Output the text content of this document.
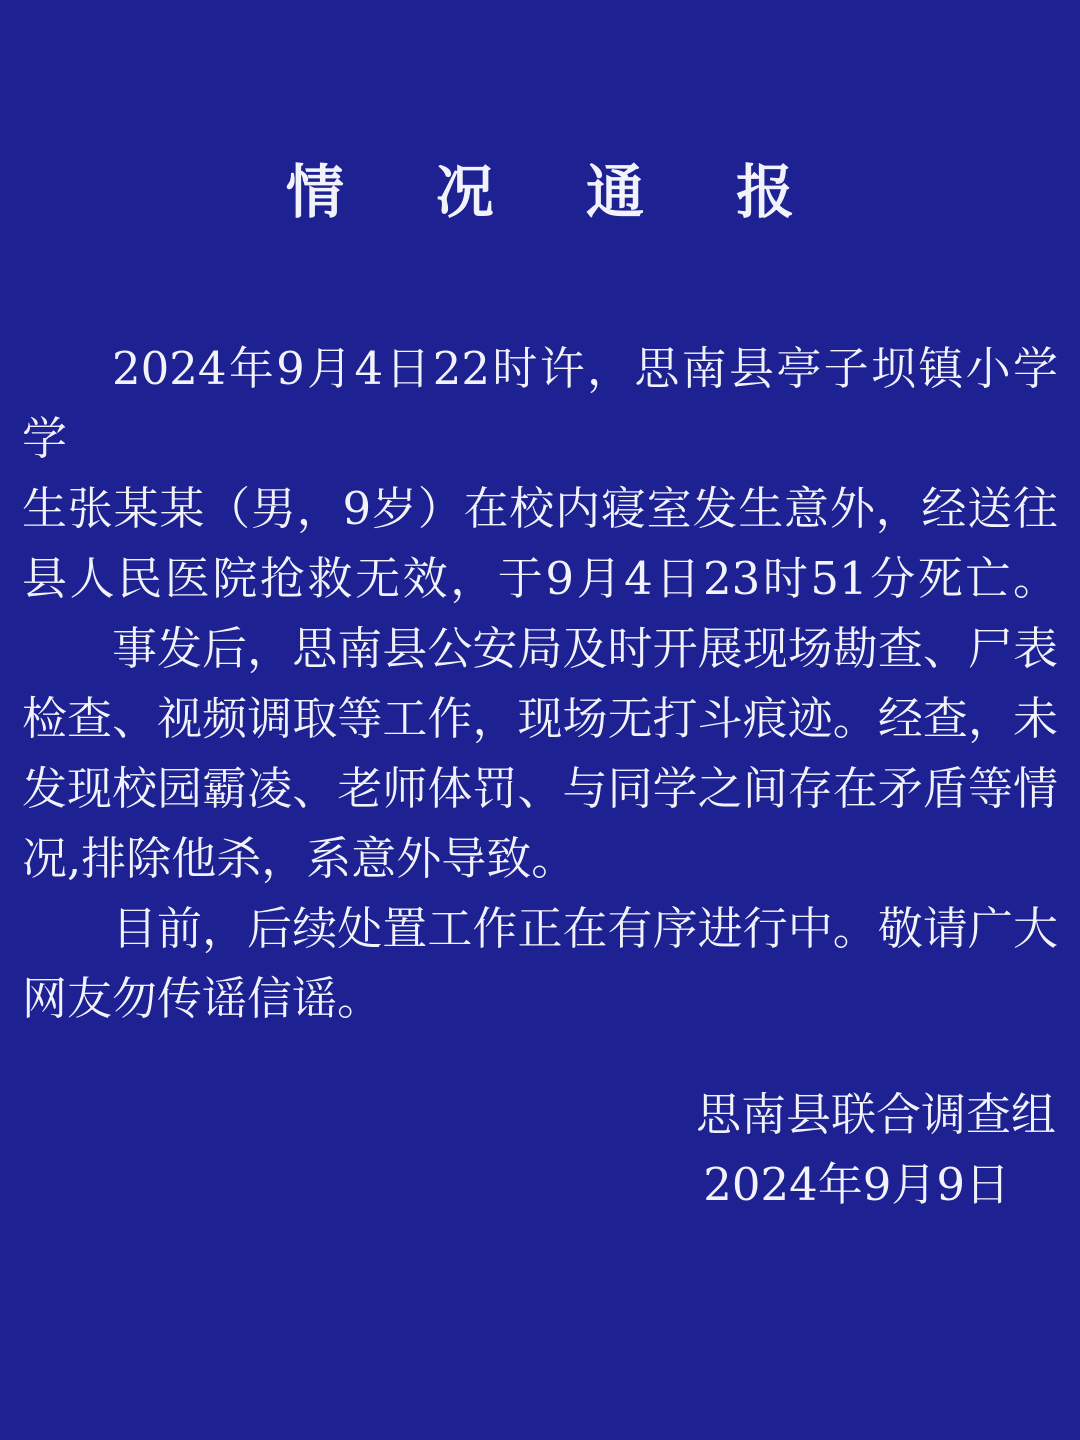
情 况 通 报
2024年9月4日22时许，思南县亭子坝镇小学学
生张某某（男，9岁）在校内寝室发生意外，经送往
县人民医院抢救无效，于9月4日23时51分死亡。
事发后，思南县公安局及时开展现场勘查、尸表
检查、视频调取等工作，现场无打斗痕迹。经查，未
发现校园霸凌、老师体罚、与同学之间存在矛盾等情
况,排除他杀，系意外导致。
目前，后续处置工作正在有序进行中。敬请广大
网友勿传谣信谣。
思南县联合调查组
2024年9月9日
